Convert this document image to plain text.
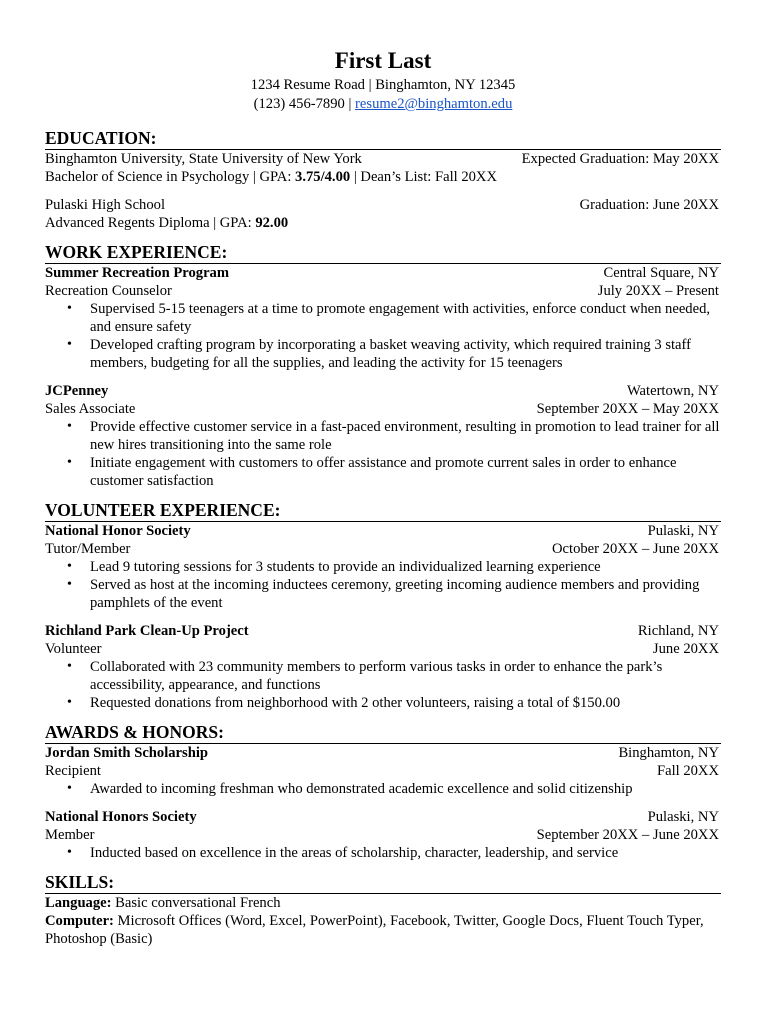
First Last
1234 Resume Road | Binghamton, NY 12345
(123) 456-7890 | resume2@binghamton.edu
EDUCATION:
Binghamton University, State University of New York	Expected Graduation: May 20XX
Bachelor of Science in Psychology | GPA: 3.75/4.00 | Dean’s List: Fall 20XX
Pulaski High School	Graduation: June 20XX
Advanced Regents Diploma | GPA: 92.00
WORK EXPERIENCE:
Summer Recreation Program	Central Square, NY
Recreation Counselor	July 20XX – Present
• Supervised 5-15 teenagers at a time to promote engagement with activities, enforce conduct when needed, and ensure safety
• Developed crafting program by incorporating a basket weaving activity, which required training 3 staff members, budgeting for all the supplies, and leading the activity for 15 teenagers
JCPenney	Watertown, NY
Sales Associate	September 20XX – May 20XX
• Provide effective customer service in a fast-paced environment, resulting in promotion to lead trainer for all new hires transitioning into the same role
• Initiate engagement with customers to offer assistance and promote current sales in order to enhance customer satisfaction
VOLUNTEER EXPERIENCE:
National Honor Society	Pulaski, NY
Tutor/Member	October 20XX – June 20XX
• Lead 9 tutoring sessions for 3 students to provide an individualized learning experience
• Served as host at the incoming inductees ceremony, greeting incoming audience members and providing pamphlets of the event
Richland Park Clean-Up Project	Richland, NY
Volunteer	June 20XX
• Collaborated with 23 community members to perform various tasks in order to enhance the park’s accessibility, appearance, and functions
• Requested donations from neighborhood with 2 other volunteers, raising a total of $150.00
AWARDS & HONORS:
Jordan Smith Scholarship	Binghamton, NY
Recipient	Fall 20XX
• Awarded to incoming freshman who demonstrated academic excellence and solid citizenship
National Honors Society	Pulaski, NY
Member	September 20XX – June 20XX
• Inducted based on excellence in the areas of scholarship, character, leadership, and service
SKILLS:
Language: Basic conversational French
Computer: Microsoft Offices (Word, Excel, PowerPoint), Facebook, Twitter, Google Docs, Fluent Touch Typer, Photoshop (Basic)
